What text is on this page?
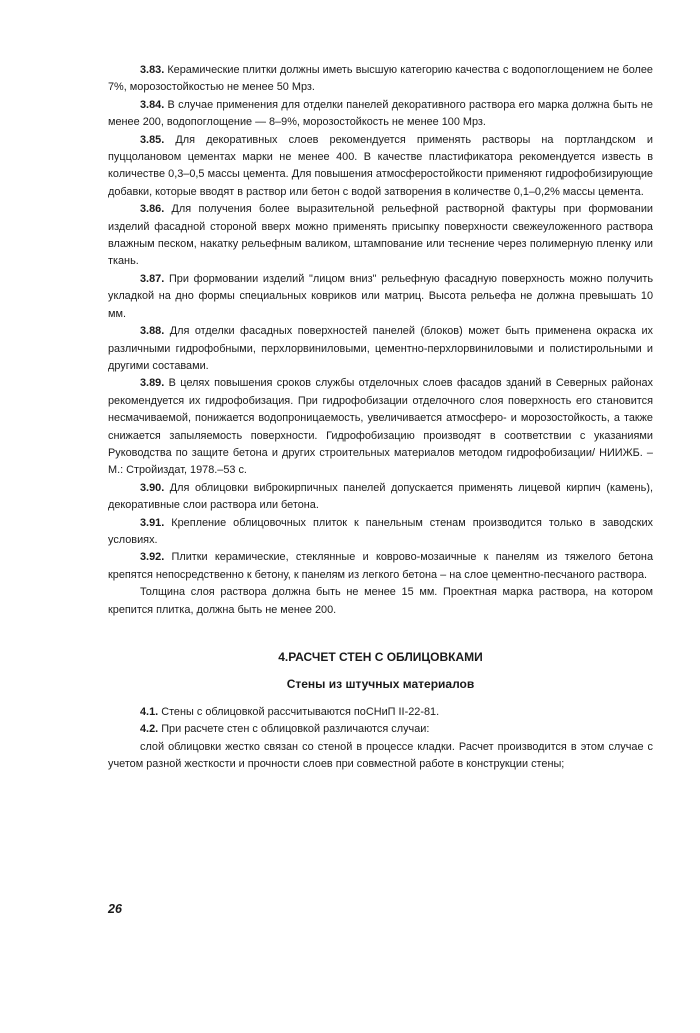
3.83. Керамические плитки должны иметь высшую категорию качества с водопоглощением не более 7%, морозостойкостью не менее 50 Мрз.

3.84. В случае применения для отделки панелей декоративного раствора его марка должна быть не менее 200, водопоглощение — 8–9%, морозостойкость не менее 100 Мрз.

3.85. Для декоративных слоев рекомендуется применять растворы на портландском и пуццолановом цементах марки не менее 400. В качестве пластификатора рекомендуется известь в количестве 0,3–0,5 массы цемента. Для повышения атмосферостойкости применяют гидрофобизирующие добавки, которые вводят в раствор или бетон с водой затворения в количестве 0,1–0,2% массы цемента.

3.86. Для получения более выразительной рельефной растворной фактуры при формовании изделий фасадной стороной вверх можно применять присыпку поверхности свежеуложенного раствора влажным песком, накатку рельефным валиком, штампование или теснение через полимерную пленку или ткань.

3.87. При формовании изделий "лицом вниз" рельефную фасадную поверхность можно получить укладкой на дно формы специальных ковриков или матриц. Высота рельефа не должна превышать 10 мм.

3.88. Для отделки фасадных поверхностей панелей (блоков) может быть применена окраска их различными гидрофобными, перхлорвиниловыми, цементно-перхлорвиниловыми и полистирольными и другими составами.

3.89. В целях повышения сроков службы отделочных слоев фасадов зданий в Северных районах рекомендуется их гидрофобизация. При гидрофобизации отделочного слоя поверхность его становится несмачиваемой, понижается водопроницаемость, увеличивается атмосферо- и морозостойкость, а также снижается запыляемость поверхности. Гидрофобизацию производят в соответствии с указаниями Руководства по защите бетона и других строительных материалов методом гидрофобизации/ НИИЖБ. – М.: Стройиздат, 1978.–53 с.

3.90. Для облицовки виброкирпичных панелей допускается применять лицевой кирпич (камень), декоративные слои раствора или бетона.

3.91. Крепление облицовочных плиток к панельным стенам производится только в заводских условиях.

3.92. Плитки керамические, стеклянные и ковровo-мозаичные к панелям из тяжелого бетона крепятся непосредственно к бетону, к панелям из легкого бетона – на слое цементно-песчаного раствора.

Толщина слоя раствора должна быть не менее 15 мм. Проектная марка раствора, на котором крепится плитка, должна быть не менее 200.

4.РАСЧЕТ СТЕН С ОБЛИЦОВКАМИ

Стены из штучных материалов

4.1. Стены с облицовкой рассчитываются поСНиП II-22-81.

4.2. При расчете стен с облицовкой различаются случаи:

слой облицовки жестко связан со стеной в процессе кладки. Расчет производится в этом случае с учетом разной жесткости и прочности слоев при совместной работе в конструкции стены;

26
